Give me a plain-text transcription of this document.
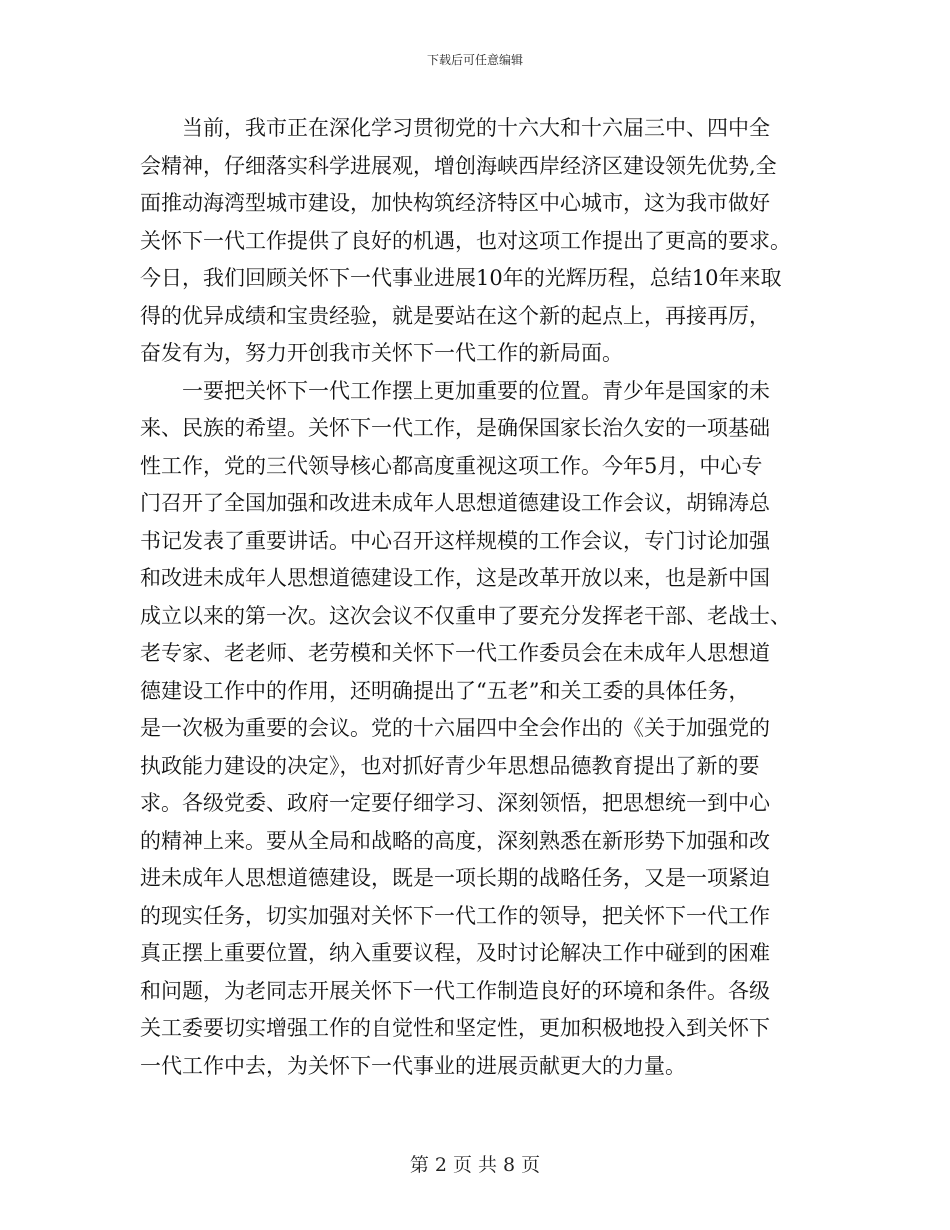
下载后可任意编辑
　　当前，我市正在深化学习贯彻党的十六大和十六届三中、四中全
会精神，仔细落实科学进展观，增创海峡西岸经济区建设领先优势,全
面推动海湾型城市建设，加快构筑经济特区中心城市，这为我市做好
关怀下一代工作提供了良好的机遇，也对这项工作提出了更高的要求。
今日，我们回顾关怀下一代事业进展10年的光辉历程，总结10年来取
得的优异成绩和宝贵经验，就是要站在这个新的起点上，再接再厉，
奋发有为，努力开创我市关怀下一代工作的新局面。
　　一要把关怀下一代工作摆上更加重要的位置。青少年是国家的未
来、民族的希望。关怀下一代工作，是确保国家长治久安的一项基础
性工作，党的三代领导核心都高度重视这项工作。今年5月，中心专
门召开了全国加强和改进未成年人思想道德建设工作会议，胡锦涛总
书记发表了重要讲话。中心召开这样规模的工作会议，专门讨论加强
和改进未成年人思想道德建设工作，这是改革开放以来，也是新中国
成立以来的第一次。这次会议不仅重申了要充分发挥老干部、老战士、
老专家、老老师、老劳模和关怀下一代工作委员会在未成年人思想道
德建设工作中的作用，还明确提出了“五老”和关工委的具体任务，
是一次极为重要的会议。党的十六届四中全会作出的《关于加强党的
执政能力建设的决定》，也对抓好青少年思想品德教育提出了新的要
求。各级党委、政府一定要仔细学习、深刻领悟，把思想统一到中心
的精神上来。要从全局和战略的高度，深刻熟悉在新形势下加强和改
进未成年人思想道德建设，既是一项长期的战略任务，又是一项紧迫
的现实任务，切实加强对关怀下一代工作的领导，把关怀下一代工作
真正摆上重要位置，纳入重要议程，及时讨论解决工作中碰到的困难
和问题，为老同志开展关怀下一代工作制造良好的环境和条件。各级
关工委要切实增强工作的自觉性和坚定性，更加积极地投入到关怀下
一代工作中去，为关怀下一代事业的进展贡献更大的力量。
第 2 页 共 8 页
